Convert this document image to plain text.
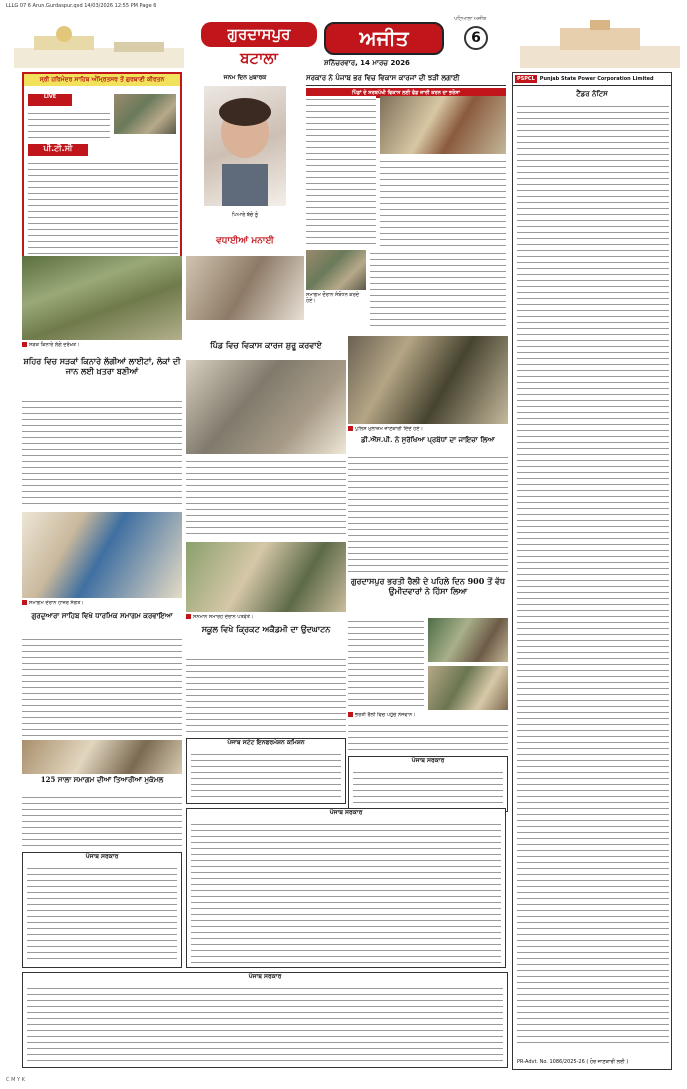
LLLG 07 6 Arun.Gurdaspur.qxd 14/03/2026 12:55 PM Page 6
ਗੁਰਦਾਸਪੁਰ
ਬਟਾਲਾ
ਪਟਿਆਲਾ ਅਜੀਤ
ਅਜੀਤ
ਸ਼ਨਿੱਚਰਵਾਰ, 14 ਮਾਰਚ 2026
6
ਸ੍ਰੀ ਹਰਿਮੰਦਰ ਸਾਹਿਬ ਅੰਮ੍ਰਿਤਸਰ ਤੋਂ ਗੁਰਬਾਣੀ ਕੀਰਤਨ
LIVE
ਪੀ.ਟੀ.ਸੀ
ਜਨਮ ਦਿਨ ਮੁਬਾਰਕ
ਪਿਆਰੇ ਬੱਚੇ ਨੂੰ
ਵਧਾਈਆਂ ਮਨਾਈ
ਸਰਕਾਰ ਨੇ ਪੰਜਾਬ ਭਰ ਵਿਚ ਵਿਕਾਸ ਕਾਰਜਾਂ ਦੀ ਝੜੀ ਲਗਾਈ
ਪਿੰਡਾਂ ਦੇ ਸਰਬਪੱਖੀ ਵਿਕਾਸ ਲਈ ਫੰਡ ਜਾਰੀ ਕਰਨ ਦਾ ਭਰੋਸਾ
ਸਮਾਗਮ ਦੌਰਾਨ ਸੰਬੋਧਨ ਕਰਦੇ ਹੋਏ।
ਸੜਕ ਕਿਨਾਰੇ ਲੱਗੇ ਦਰੱਖ਼ਤ।
ਸ਼ਹਿਰ ਵਿਚ ਸੜਕਾਂ ਕਿਨਾਰੇ ਲੱਗੀਆਂ ਲਾਈਟਾਂ, ਲੋਕਾਂ ਦੀ ਜਾਨ ਲਈ ਖ਼ਤਰਾ ਬਣੀਆਂ
ਪਿੰਡ ਵਿਚ ਵਿਕਾਸ ਕਾਰਜ ਸ਼ੁਰੂ ਕਰਵਾਏ
ਪੁਲਿਸ ਮੁਲਾਜ਼ਮ ਜਾਣਕਾਰੀ ਦਿੰਦੇ ਹੋਏ।
ਡੀ.ਐੱਸ.ਪੀ. ਨੇ ਸੁਰੱਖਿਆ ਪ੍ਰਬੰਧਾਂ ਦਾ ਜਾਇਜ਼ਾ ਲਿਆ
ਸਮਾਗਮ ਦੌਰਾਨ ਹਾਜ਼ਰ ਸੰਗਤ।
ਗੁਰਦੁਆਰਾ ਸਾਹਿਬ ਵਿਖੇ ਧਾਰਮਿਕ ਸਮਾਗਮ ਕਰਵਾਇਆ	ਸਨਮਾਨ ਸਮਾਰੋਹ ਦੌਰਾਨ ਪਤਵੰਤੇ।
ਸਕੂਲ ਵਿਖੇ ਕ੍ਰਿਕਟ ਅਕੈਡਮੀ ਦਾ ਉਦਘਾਟਨ
ਗੁਰਦਾਸਪੁਰ ਭਰਤੀ ਰੈਲੀ ਦੇ ਪਹਿਲੇ ਦਿਨ 900 ਤੋਂ ਵੱਧ ਉਮੀਦਵਾਰਾਂ ਨੇ ਹਿੱਸਾ ਲਿਆ
ਭਰਤੀ ਰੈਲੀ ਵਿਚ ਪਹੁੰਚੇ ਨੌਜਵਾਨ।
125 ਸਾਲਾ ਸਮਾਗਮ ਦੀਆਂ ਤਿਆਰੀਆਂ ਮੁਕੰਮਲ
ਪੰਜਾਬ ਸਰਕਾਰ
ਪੰਜਾਬ ਸਟੇਟ ਇਨਫਰਮੇਸ਼ਨ ਕਮਿਸ਼ਨ
ਪੰਜਾਬ ਸਰਕਾਰ
ਪੰਜਾਬ ਸਰਕਾਰ
ਪੰਜਾਬ ਸਰਕਾਰ
PSPCL	Punjab State Power Corporation Limited
ਟੈਂਡਰ ਨੋਟਿਸ
PR-Advt. No. 1086/2025-26 ( ਹੋਰ ਜਾਣਕਾਰੀ ਲਈ )
C M Y K
